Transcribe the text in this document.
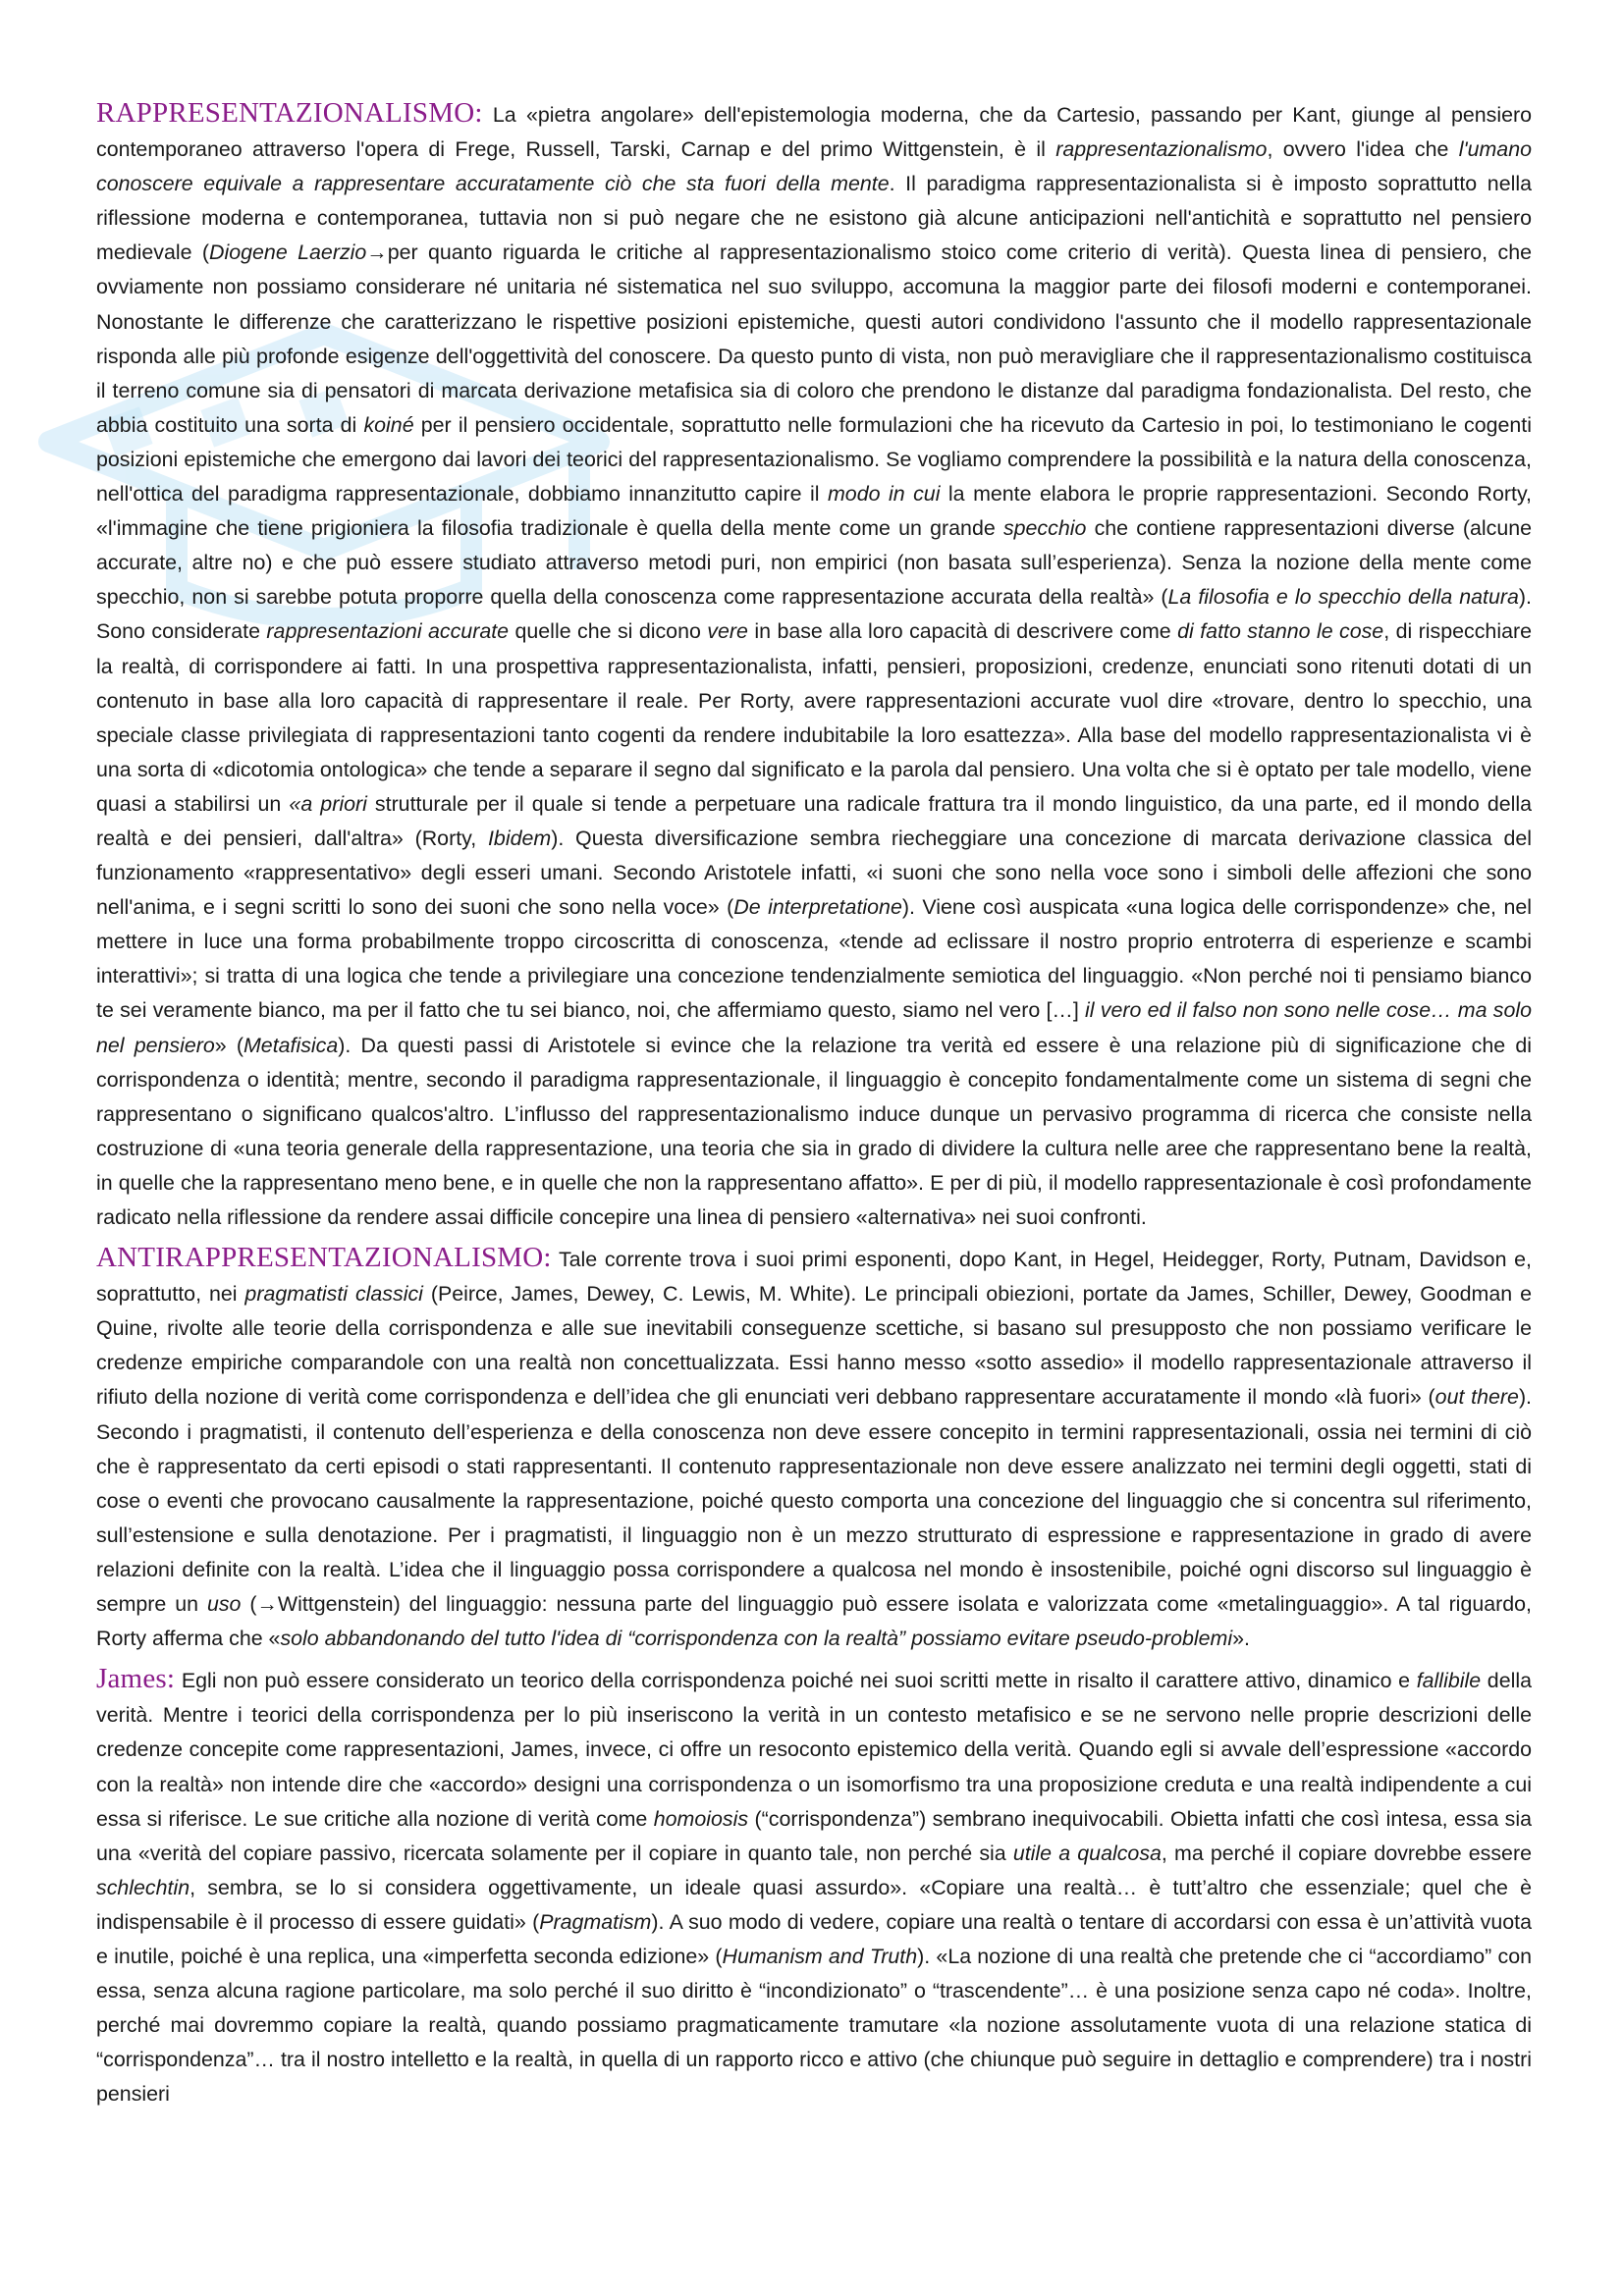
RAPPRESENTAZIONALISMO: La «pietra angolare» dell'epistemologia moderna, che da Cartesio, passando per Kant, giunge al pensiero contemporaneo attraverso l'opera di Frege, Russell, Tarski, Carnap e del primo Wittgenstein, è il rappresentazionalismo, ovvero l'idea che l'umano conoscere equivale a rappresentare accuratamente ciò che sta fuori della mente. Il paradigma rappresentazionalista si è imposto soprattutto nella riflessione moderna e contemporanea, tuttavia non si può negare che ne esistono già alcune anticipazioni nell'antichità e soprattutto nel pensiero medievale (Diogene Laerzio→per quanto riguarda le critiche al rappresentazionalismo stoico come criterio di verità). Questa linea di pensiero, che ovviamente non possiamo considerare né unitaria né sistematica nel suo sviluppo, accomuna la maggior parte dei filosofi moderni e contemporanei. Nonostante le differenze che caratterizzano le rispettive posizioni epistemiche, questi autori condividono l'assunto che il modello rappresentazionale risponda alle più profonde esigenze dell'oggettività del conoscere. Da questo punto di vista, non può meravigliare che il rappresentazionalismo costituisca il terreno comune sia di pensatori di marcata derivazione metafisica sia di coloro che prendono le distanze dal paradigma fondazionalista. Del resto, che abbia costituito una sorta di koiné per il pensiero occidentale, soprattutto nelle formulazioni che ha ricevuto da Cartesio in poi, lo testimoniano le cogenti posizioni epistemiche che emergono dai lavori dei teorici del rappresentazionalismo. Se vogliamo comprendere la possibilità e la natura della conoscenza, nell'ottica del paradigma rappresentazionale, dobbiamo innanzitutto capire il modo in cui la mente elabora le proprie rappresentazioni. Secondo Rorty, «l'immagine che tiene prigioniera la filosofia tradizionale è quella della mente come un grande specchio che contiene rappresentazioni diverse (alcune accurate, altre no) e che può essere studiato attraverso metodi puri, non empirici (non basata sull’esperienza). Senza la nozione della mente come specchio, non si sarebbe potuta proporre quella della conoscenza come rappresentazione accurata della realtà» (La filosofia e lo specchio della natura). Sono considerate rappresentazioni accurate quelle che si dicono vere in base alla loro capacità di descrivere come di fatto stanno le cose, di rispecchiare la realtà, di corrispondere ai fatti. In una prospettiva rappresentazionalista, infatti, pensieri, proposizioni, credenze, enunciati sono ritenuti dotati di un contenuto in base alla loro capacità di rappresentare il reale. Per Rorty, avere rappresentazioni accurate vuol dire «trovare, dentro lo specchio, una speciale classe privilegiata di rappresentazioni tanto cogenti da rendere indubitabile la loro esattezza». Alla base del modello rappresentazionalista vi è una sorta di «dicotomia ontologica» che tende a separare il segno dal significato e la parola dal pensiero. Una volta che si è optato per tale modello, viene quasi a stabilirsi un «a priori strutturale per il quale si tende a perpetuare una radicale frattura tra il mondo linguistico, da una parte, ed il mondo della realtà e dei pensieri, dall'altra» (Rorty, Ibidem). Questa diversificazione sembra riecheggiare una concezione di marcata derivazione classica del funzionamento «rappresentativo» degli esseri umani. Secondo Aristotele infatti, «i suoni che sono nella voce sono i simboli delle affezioni che sono nell'anima, e i segni scritti lo sono dei suoni che sono nella voce» (De interpretatione). Viene così auspicata «una logica delle corrispondenze» che, nel mettere in luce una forma probabilmente troppo circoscritta di conoscenza, «tende ad eclissare il nostro proprio entroterra di esperienze e scambi interattivi»; si tratta di una logica che tende a privilegiare una concezione tendenzialmente semiotica del linguaggio. «Non perché noi ti pensiamo bianco te sei veramente bianco, ma per il fatto che tu sei bianco, noi, che affermiamo questo, siamo nel vero […] il vero ed il falso non sono nelle cose… ma solo nel pensiero» (Metafisica). Da questi passi di Aristotele si evince che la relazione tra verità ed essere è una relazione più di significazione che di corrispondenza o identità; mentre, secondo il paradigma rappresentazionale, il linguaggio è concepito fondamentalmente come un sistema di segni che rappresentano o significano qualcos'altro. L’influsso del rappresentazionalismo induce dunque un pervasivo programma di ricerca che consiste nella costruzione di «una teoria generale della rappresentazione, una teoria che sia in grado di dividere la cultura nelle aree che rappresentano bene la realtà, in quelle che la rappresentano meno bene, e in quelle che non la rappresentano affatto». E per di più, il modello rappresentazionale è così profondamente radicato nella riflessione da rendere assai difficile concepire una linea di pensiero «alternativa» nei suoi confronti.

ANTIRAPPRESENTAZIONALISMO: Tale corrente trova i suoi primi esponenti, dopo Kant, in Hegel, Heidegger, Rorty, Putnam, Davidson e, soprattutto, nei pragmatisti classici (Peirce, James, Dewey, C. Lewis, M. White). Le principali obiezioni, portate da James, Schiller, Dewey, Goodman e Quine, rivolte alle teorie della corrispondenza e alle sue inevitabili conseguenze scettiche, si basano sul presupposto che non possiamo verificare le credenze empiriche comparandole con una realtà non concettualizzata. Essi hanno messo «sotto assedio» il modello rappresentazionale attraverso il rifiuto della nozione di verità come corrispondenza e dell’idea che gli enunciati veri debbano rappresentare accuratamente il mondo «là fuori» (out there). Secondo i pragmatisti, il contenuto dell’esperienza e della conoscenza non deve essere concepito in termini rappresentazionali, ossia nei termini di ciò che è rappresentato da certi episodi o stati rappresentanti. Il contenuto rappresentazionale non deve essere analizzato nei termini degli oggetti, stati di cose o eventi che provocano causalmente la rappresentazione, poiché questo comporta una concezione del linguaggio che si concentra sul riferimento, sull’estensione e sulla denotazione. Per i pragmatisti, il linguaggio non è un mezzo strutturato di espressione e rappresentazione in grado di avere relazioni definite con la realtà. L’idea che il linguaggio possa corrispondere a qualcosa nel mondo è insostenibile, poiché ogni discorso sul linguaggio è sempre un uso (→Wittgenstein) del linguaggio: nessuna parte del linguaggio può essere isolata e valorizzata come «metalinguaggio». A tal riguardo, Rorty afferma che «solo abbandonando del tutto l'idea di “corrispondenza con la realtà” possiamo evitare pseudo-problemi».

James: Egli non può essere considerato un teorico della corrispondenza poiché nei suoi scritti mette in risalto il carattere attivo, dinamico e fallibile della verità. Mentre i teorici della corrispondenza per lo più inseriscono la verità in un contesto metafisico e se ne servono nelle proprie descrizioni delle credenze concepite come rappresentazioni, James, invece, ci offre un resoconto epistemico della verità. Quando egli si avvale dell’espressione «accordo con la realtà» non intende dire che «accordo» designi una corrispondenza o un isomorfismo tra una proposizione creduta e una realtà indipendente a cui essa si riferisce. Le sue critiche alla nozione di verità come homoiosis (“corrispondenza”) sembrano inequivocabili. Obietta infatti che così intesa, essa sia una «verità del copiare passivo, ricercata solamente per il copiare in quanto tale, non perché sia utile a qualcosa, ma perché il copiare dovrebbe essere schlechtin, sembra, se lo si considera oggettivamente, un ideale quasi assurdo». «Copiare una realtà… è tutt’altro che essenziale; quel che è indispensabile è il processo di essere guidati» (Pragmatism). A suo modo di vedere, copiare una realtà o tentare di accordarsi con essa è un’attività vuota e inutile, poiché è una replica, una «imperfetta seconda edizione» (Humanism and Truth). «La nozione di una realtà che pretende che ci “accordiamo” con essa, senza alcuna ragione particolare, ma solo perché il suo diritto è “incondizionato” o “trascendente”… è una posizione senza capo né coda». Inoltre, perché mai dovremmo copiare la realtà, quando possiamo pragmaticamente tramutare «la nozione assolutamente vuota di una relazione statica di “corrispondenza”… tra il nostro intelletto e la realtà, in quella di un rapporto ricco e attivo (che chiunque può seguire in dettaglio e comprendere) tra i nostri pensieri
